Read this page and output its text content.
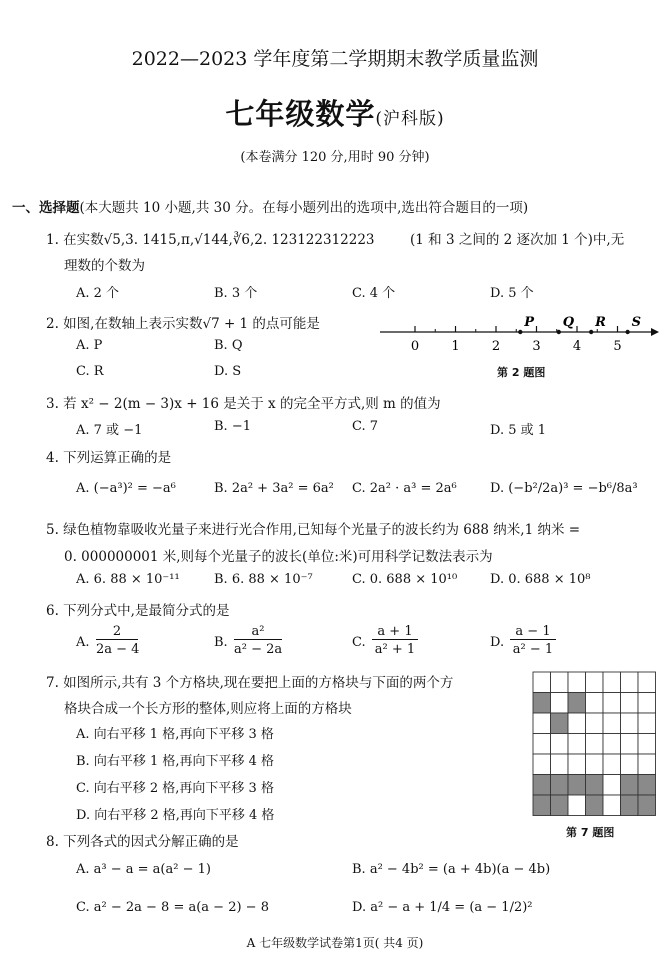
2022—2023 学年度第二学期期末教学质量监测
七年级数学(沪科版)
(本卷满分 120 分,用时 90 分钟)
一、选择题(本大题共 10 小题,共 30 分。在每小题列出的选项中,选出符合题目的一项)
1. 在实数√5,3. 1415,π,√144,∛6,2. 123122312223	(1 和 3 之间的 2 逐次加 1 个)中,无
理数的个数为
A. 2 个	B. 3 个	C. 4 个	D. 5 个
2. 如图,在数轴上表示实数√7 + 1 的点可能是
A. P	B. Q
C. R	D. S
0 1 2 3 4 5
P Q R S
第 2 题图
3. 若 x² − 2(m − 3)x + 16 是关于 x 的完全平方式,则 m 的值为
A. 7 或 −1	B. −1	C. 7	D. 5 或 1
4. 下列运算正确的是
A. (−a³)² = −a⁶	B. 2a² + 3a² = 6a² C. 2a² · a³ = 2a⁶	D. (−b²/2a)³ = −b⁶/8a³
5. 绿色植物靠吸收光量子来进行光合作用,已知每个光量子的波长约为 688 纳米,1 纳米 =
0. 000000001 米,则每个光量子的波长(单位:米)可用科学记数法表示为
A. 6. 88 × 10⁻¹¹	B. 6. 88 × 10⁻⁷	C. 0. 688 × 10¹⁰	D. 0. 688 × 10⁸
6. 下列分式中,是最简分式的是
A.
2
2a − 4	B.
a²
a² − 2a	C.
a + 1
a² + 1	D.
a − 1
a² − 1
7. 如图所示,共有 3 个方格块,现在要把上面的方格块与下面的两个方
格块合成一个长方形的整体,则应将上面的方格块
A. 向右平移 1 格,再向下平移 3 格
B. 向右平移 1 格,再向下平移 4 格
C. 向右平移 2 格,再向下平移 3 格
D. 向右平移 2 格,再向下平移 4 格
第 7 题图
8. 下列各式的因式分解正确的是
A. a³ − a = a(a² − 1)	B. a² − 4b² = (a + 4b)(a − 4b)
C. a² − 2a − 8 = a(a − 2) − 8	D. a² − a + 1/4 = (a − 1/2)²
A 七年级数学试卷第1页( 共4 页)
